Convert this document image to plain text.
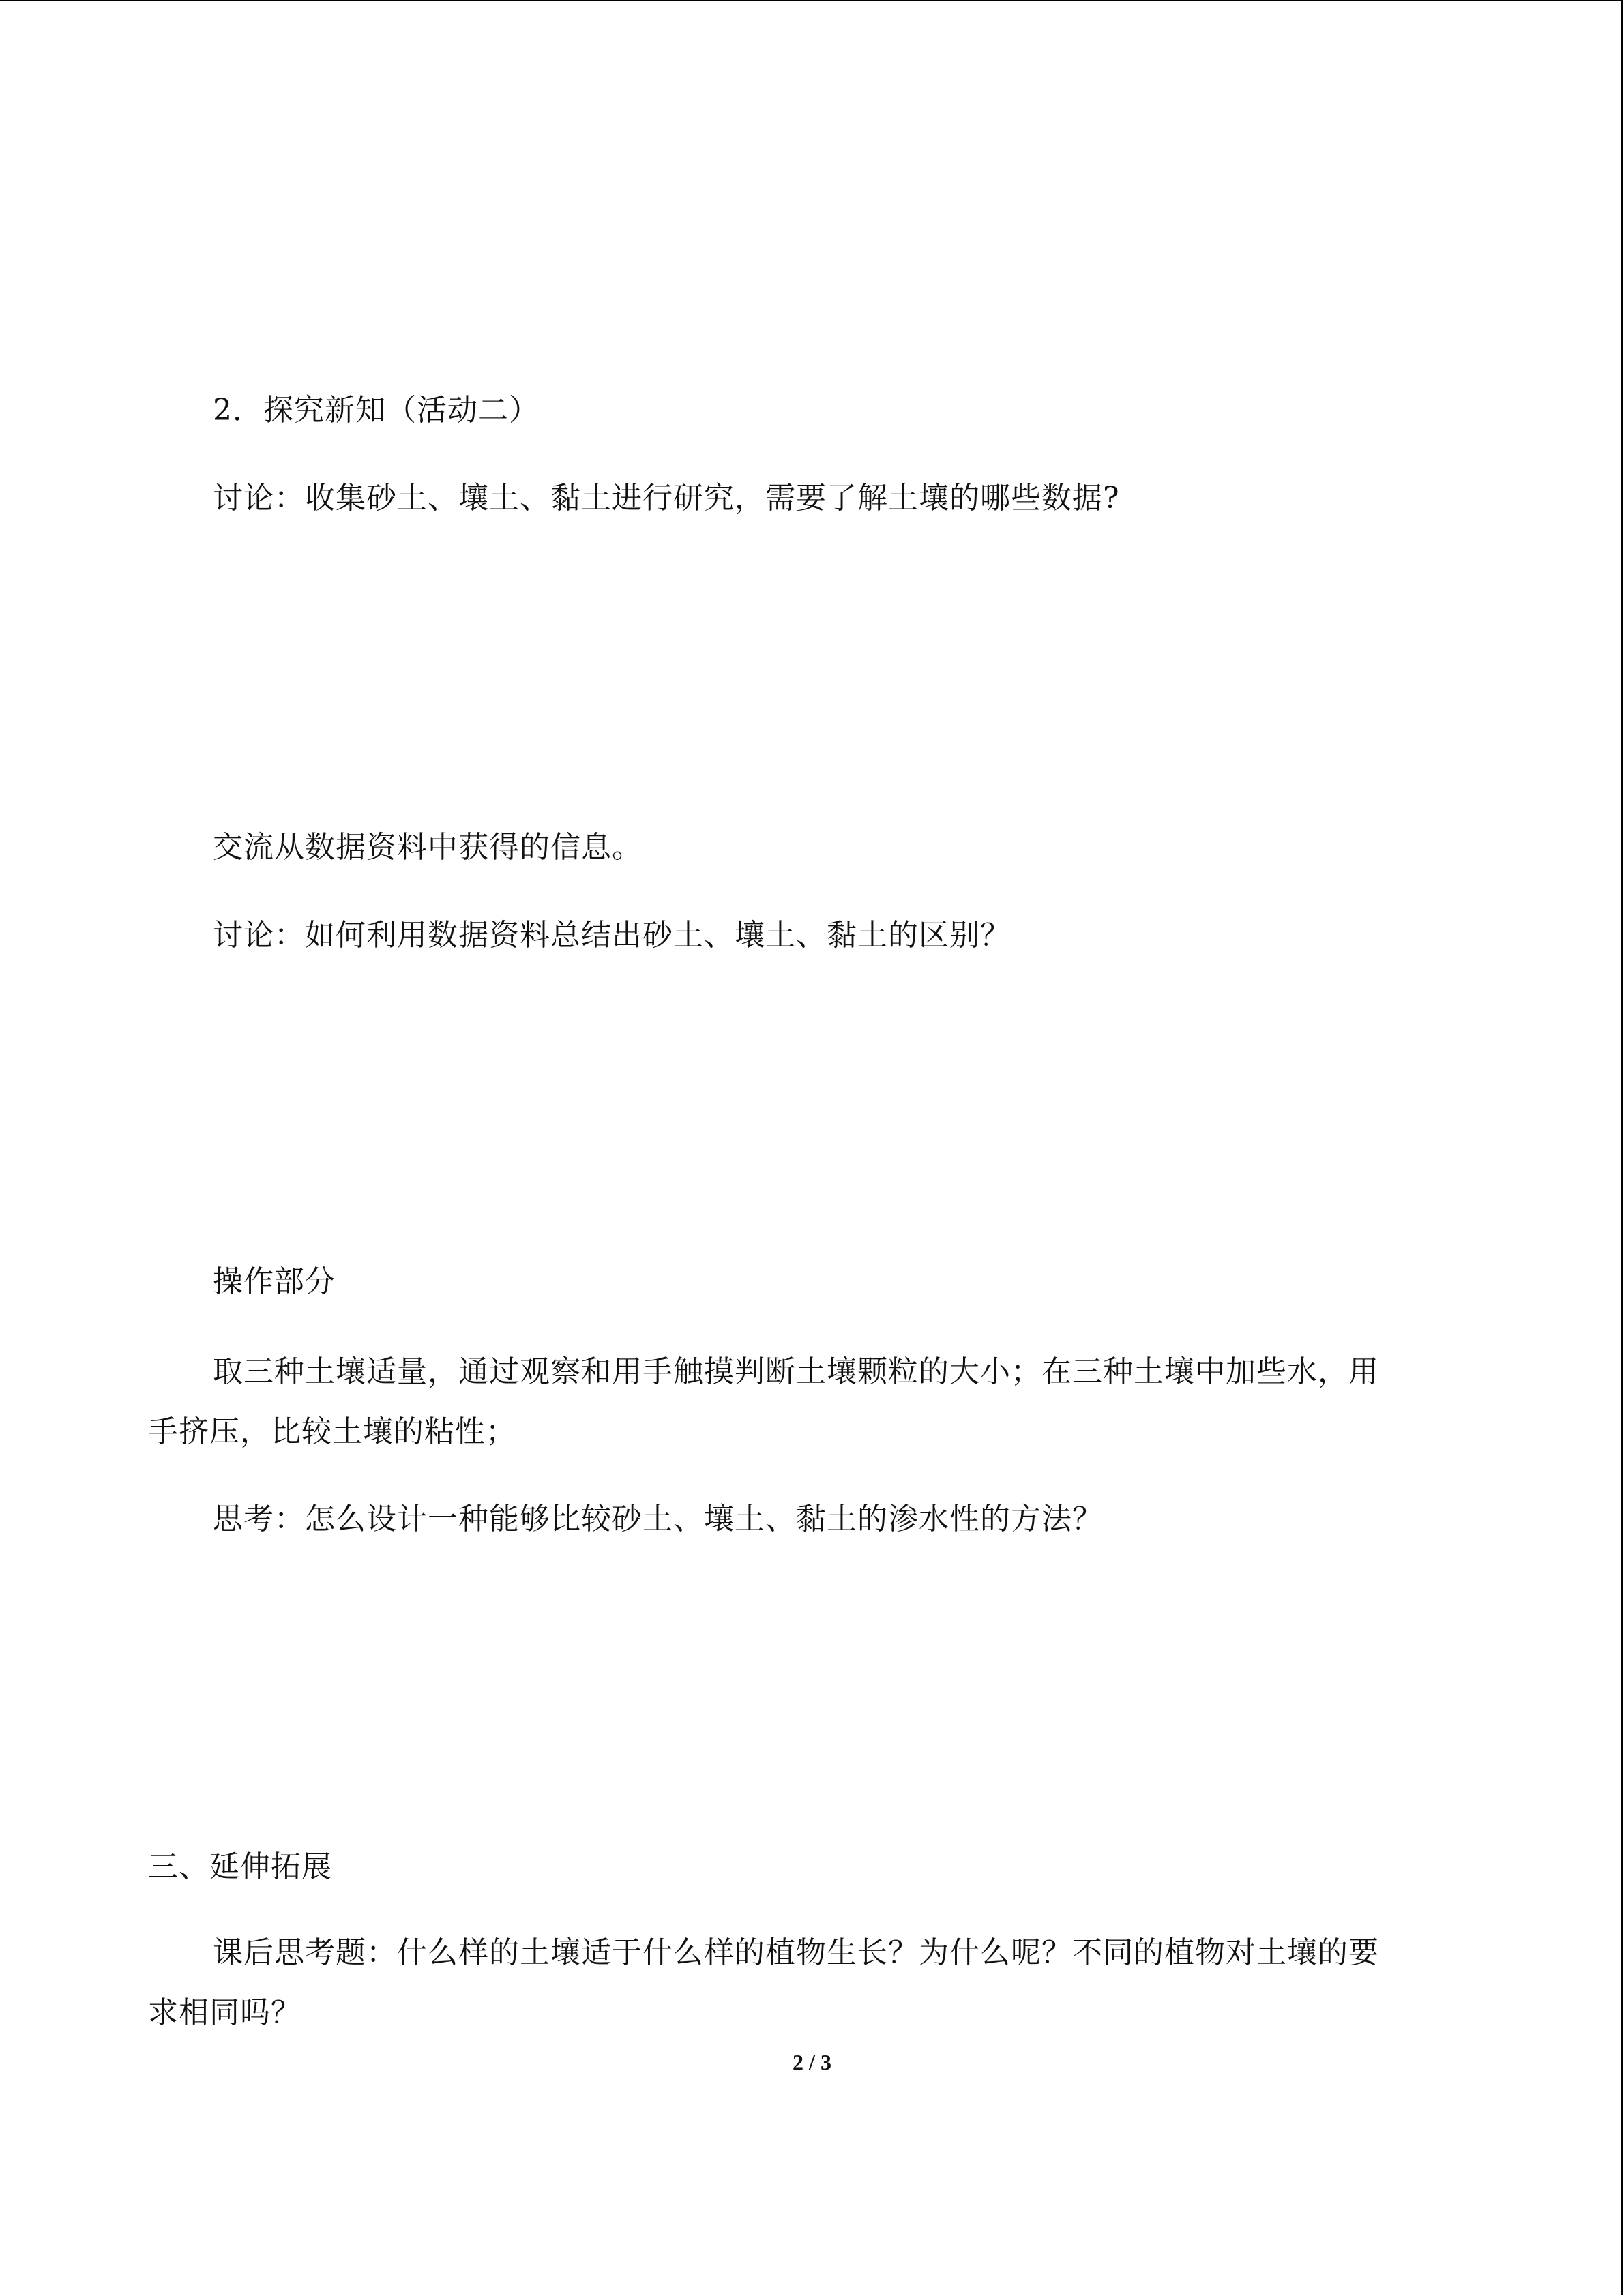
2．探究新知（活动二）
讨论：收集砂土、壤土、黏土进行研究，需要了解土壤的哪些数据?
交流从数据资料中获得的信息。
讨论：如何利用数据资料总结出砂土、壤土、黏土的区别？
操作部分
取三种土壤适量，通过观察和用手触摸判断土壤颗粒的大小；在三种土壤中加些水，用
手挤压，比较土壤的粘性；
思考：怎么设计一种能够比较砂土、壤土、黏土的渗水性的方法？
三、延伸拓展
课后思考题：什么样的土壤适于什么样的植物生长？为什么呢？不同的植物对土壤的要
求相同吗？
2 / 3
